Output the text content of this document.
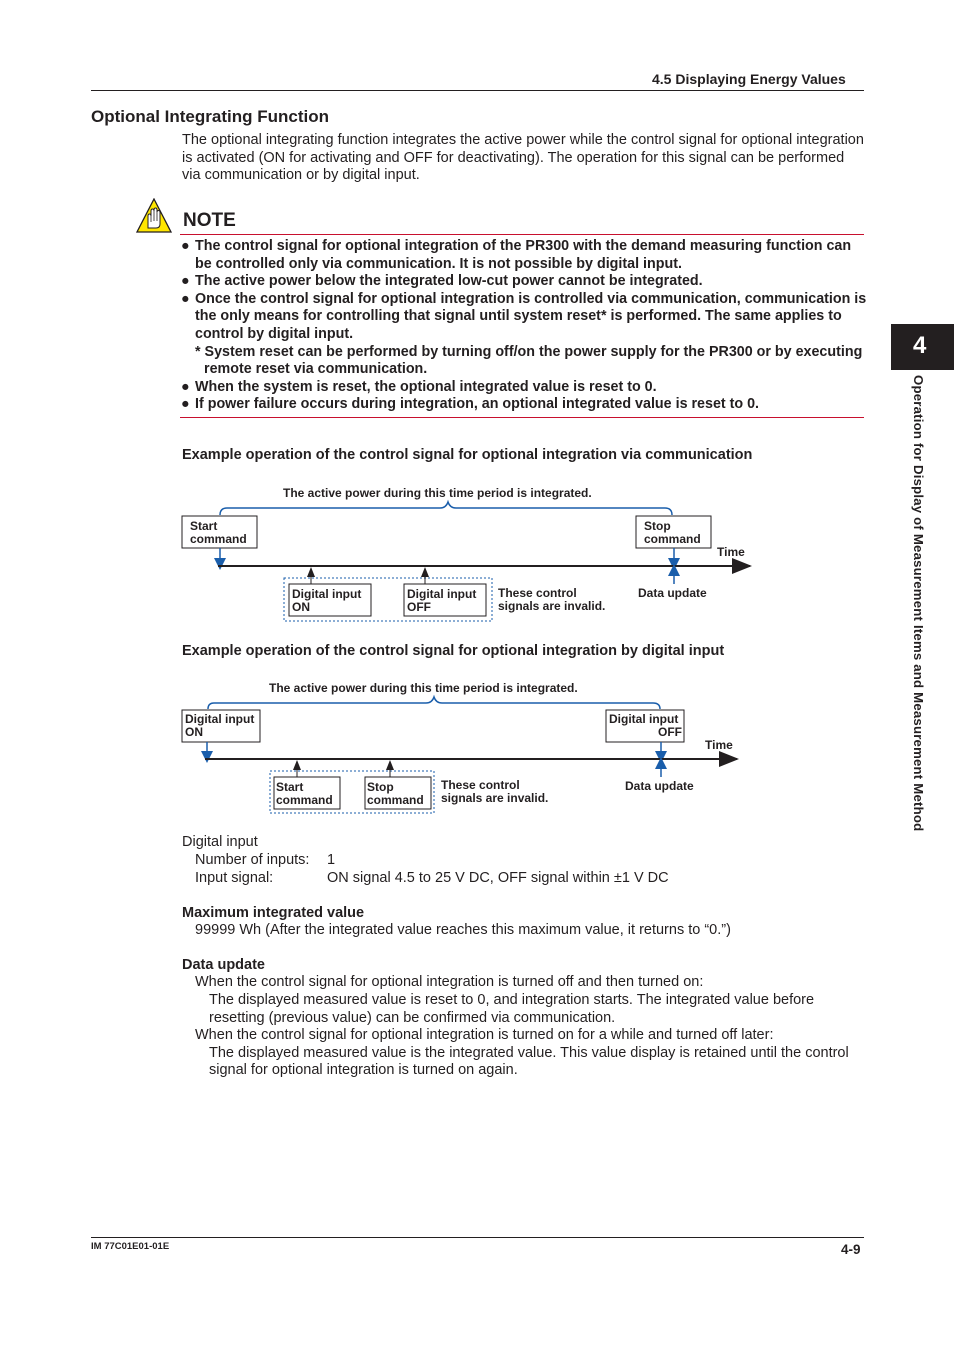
4.5 Displaying Energy Values
Optional Integrating Function
The optional integrating function integrates the active power while the control signal for optional integration is activated (ON for activating and OFF for deactivating). The operation for this signal can be performed via communication or by digital input.
NOTE
● The control signal for optional integration of the PR300 with the demand measuring function can be controlled only via communication. It is not possible by digital input.
● The active power below the integrated low-cut power cannot be integrated.
● Once the control signal for optional integration is controlled via communication, communication is the only means for controlling that signal until system reset* is performed. The same applies to control by digital input.
* System reset can be performed by turning off/on the power supply for the PR300 or by executing remote reset via communication.
● When the system is reset, the optional integrated value is reset to 0.
● If power failure occurs during integration, an optional integrated value is reset to 0.
Example operation of the control signal for optional integration via communication
The active power during this time period is integrated.
Start
command
Stop
command
Time
Data update
Digital input
ON
Digital input
OFF
These control
signals are invalid.
Example operation of the control signal for optional integration by digital input
The active power during this time period is integrated.
Digital input
ON
Digital input
OFF
Time
Data update
Start
command
Stop
command
These control
signals are invalid.
Digital input
Number of inputs: 1
Input signal:	ON signal 4.5 to 25 V DC, OFF signal within ±1 V DC
Maximum integrated value
99999 Wh (After the integrated value reaches this maximum value, it returns to “0.”)
Data update
When the control signal for optional integration is turned off and then turned on:
The displayed measured value is reset to 0, and integration starts. The integrated value before resetting (previous value) can be confirmed via communication.
When the control signal for optional integration is turned on for a while and turned off later:
The displayed measured value is the integrated value. This value display is retained until the control signal for optional integration is turned on again.
4
Operation for Display of Measurement Items and Measurement Method
IM 77C01E01-01E	4-9
